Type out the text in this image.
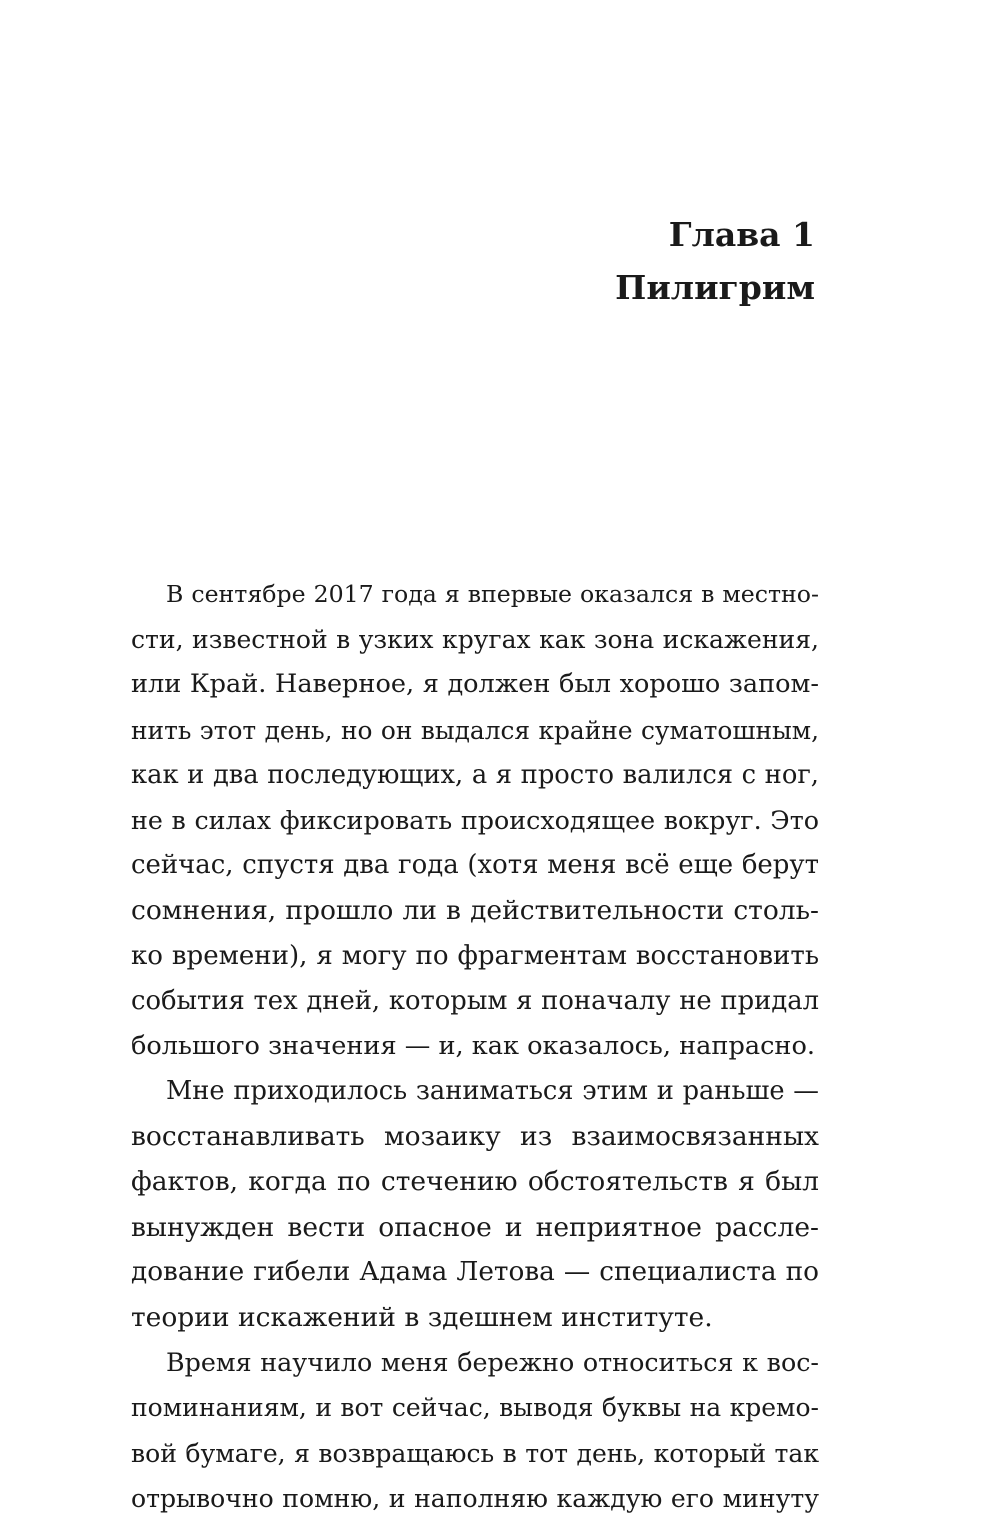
Глава 1
Пилигрим
В сентябре 2017 года я впервые оказался в местно-
сти, известной в узких кругах как зона искажения,
или Край. Наверное, я должен был хорошо запом-
нить этот день, но он выдался крайне суматошным,
как и два последующих, а я просто валился с ног,
не в силах фиксировать происходящее вокруг. Это
сейчас, спустя два года (хотя меня всё еще берут
сомнения, прошло ли в действительности столь-
ко времени), я могу по фрагментам восстановить
события тех дней, которым я поначалу не придал
большого значения — и, как оказалось, напрасно.
Мне приходилось заниматься этим и раньше —
восстанавливать мозаику из взаимосвязанных
фактов, когда по стечению обстоятельств я был
вынужден вести опасное и неприятное рассле-
дование гибели Адама Летова — специалиста по
теории искажений в здешнем институте.
Время научило меня бережно относиться к вос-
поминаниям, и вот сейчас, выводя буквы на кремо-
вой бумаге, я возвращаюсь в тот день, который так
отрывочно помню, и наполняю каждую его минуту
